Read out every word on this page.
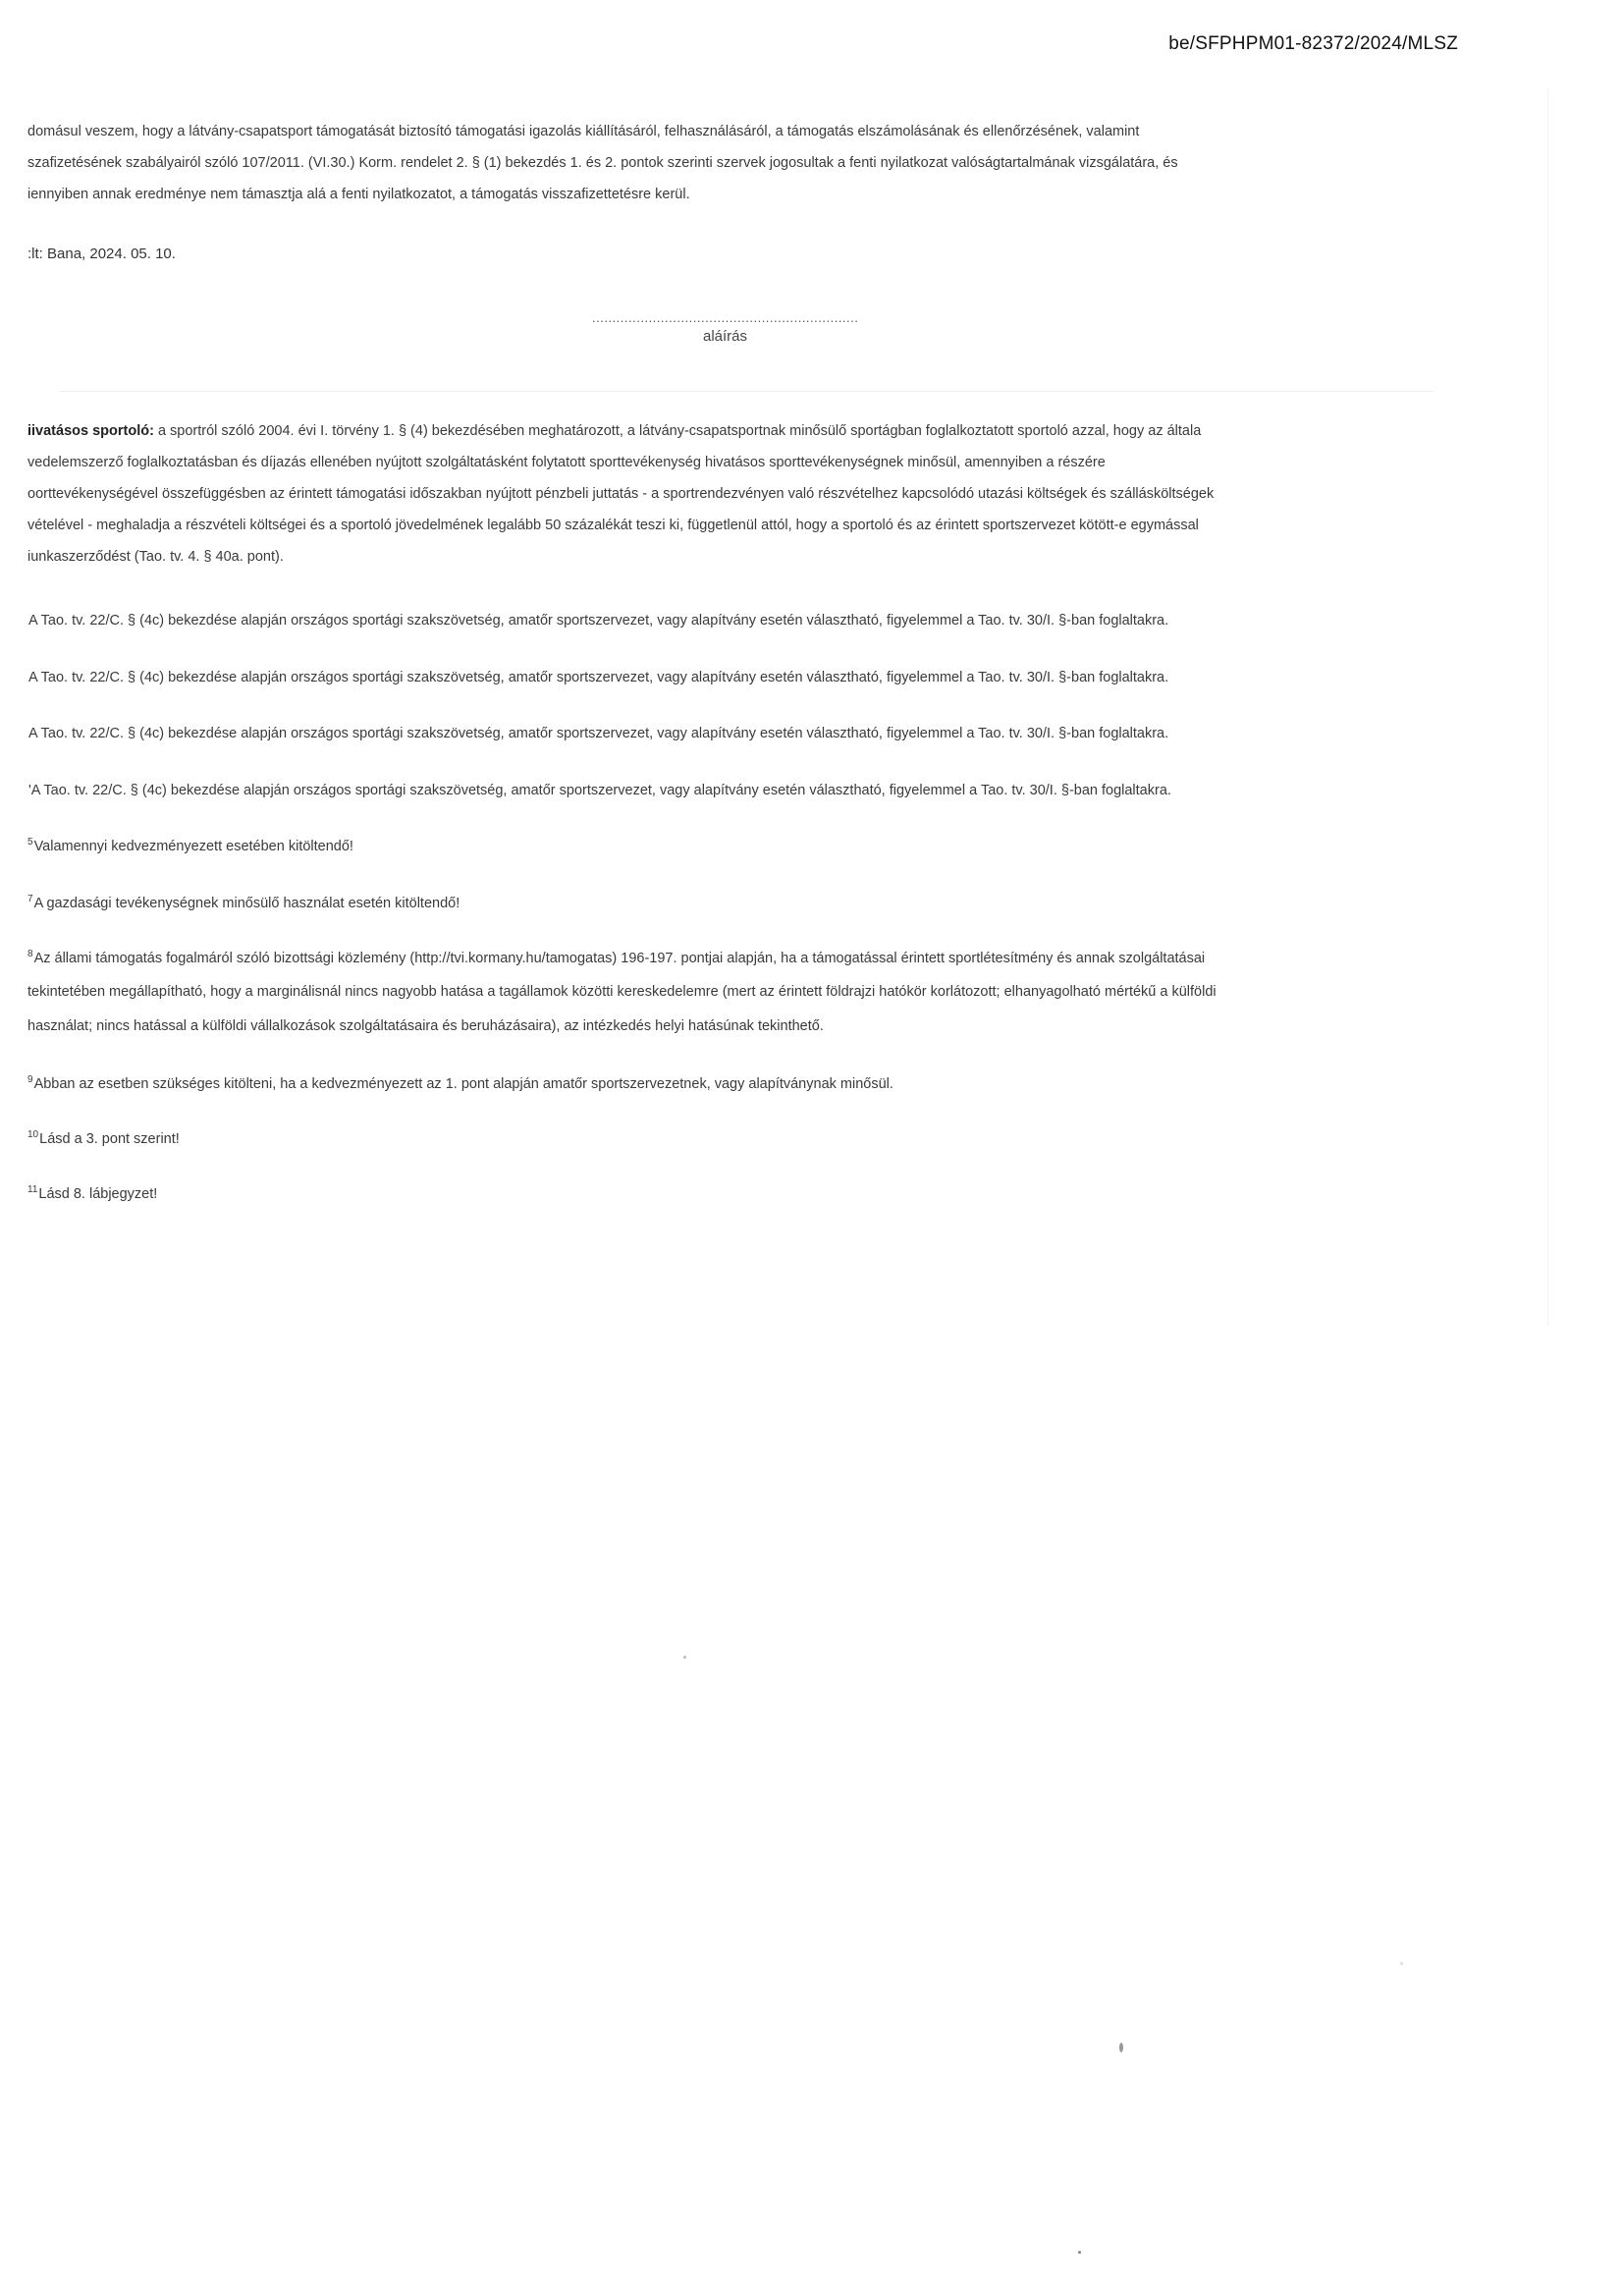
be/SFPHPM01-82372/2024/MLSZ
domásul veszem, hogy a látvány-csapatsport támogatását biztosító támogatási igazolás kiállításáról, felhasználásáról, a támogatás elszámolásának és ellenőrzésének, valamint
szafizetésének szabályairól szóló 107/2011. (VI.30.) Korm. rendelet 2. § (1) bekezdés 1. és 2. pontok szerinti szervek jogosultak a fenti nyilatkozat valóságtartalmának vizsgálatára, és
iennyiben annak eredménye nem támasztja alá a fenti nyilatkozatot, a támogatás visszafizettetésre kerül.
:lt: Bana, 2024. 05. 10.
..................................................................
aláírás
iivatásos sportoló: a sportról szóló 2004. évi I. törvény 1. § (4) bekezdésében meghatározott, a látvány-csapatsportnak minősülő sportágban foglalkoztatott sportoló azzal, hogy az általa
vedelemszerző foglalkoztatásban és díjazás ellenében nyújtott szolgáltatásként folytatott sporttevékenység hivatásos sporttevékenységnek minősül, amennyiben a részére
oorttevékenységével összefüggésben az érintett támogatási időszakban nyújtott pénzbeli juttatás - a sportrendezvényen való részvételhez kapcsolódó utazási költségek és szállásköltségek
vételével - meghaladja a részvételi költségei és a sportoló jövedelmének legalább 50 százalékát teszi ki, függetlenül attól, hogy a sportoló és az érintett sportszervezet kötött-e egymással
iunkaszerződést (Tao. tv. 4. § 40a. pont).
A Tao. tv. 22/C. § (4c) bekezdése alapján országos sportági szakszövetség, amatőr sportszervezet, vagy alapítvány esetén választható, figyelemmel a Tao. tv. 30/I. §-ban foglaltakra.
A Tao. tv. 22/C. § (4c) bekezdése alapján országos sportági szakszövetség, amatőr sportszervezet, vagy alapítvány esetén választható, figyelemmel a Tao. tv. 30/I. §-ban foglaltakra.
A Tao. tv. 22/C. § (4c) bekezdése alapján országos sportági szakszövetség, amatőr sportszervezet, vagy alapítvány esetén választható, figyelemmel a Tao. tv. 30/I. §-ban foglaltakra.
'A Tao. tv. 22/C. § (4c) bekezdése alapján országos sportági szakszövetség, amatőr sportszervezet, vagy alapítvány esetén választható, figyelemmel a Tao. tv. 30/I. §-ban foglaltakra.
$^5$Valamennyi kedvezményezett esetében kitöltendő!
$^7$A gazdasági tevékenységnek minősülő használat esetén kitöltendő!
$^8$Az állami támogatás fogalmáról szóló bizottsági közlemény (http://tvi.kormany.hu/tamogatas) 196-197. pontjai alapján, ha a támogatással érintett sportlétesítmény és annak szolgáltatásai
tekintetében megállapítható, hogy a marginálisnál nincs nagyobb hatása a tagállamok közötti kereskedelemre (mert az érintett földrajzi hatókör korlátozott; elhanyagolható mértékű a külföldi
használat; nincs hatással a külföldi vállalkozások szolgáltatásaira és beruházásaira), az intézkedés helyi hatásúnak tekinthető.
$^9$Abban az esetben szükséges kitölteni, ha a kedvezményezett az 1. pont alapján amatőr sportszervezetnek, vagy alapítványnak minősül.
$^{10}$Lásd a 3. pont szerint!
$^{11}$Lásd 8. lábjegyzet!
